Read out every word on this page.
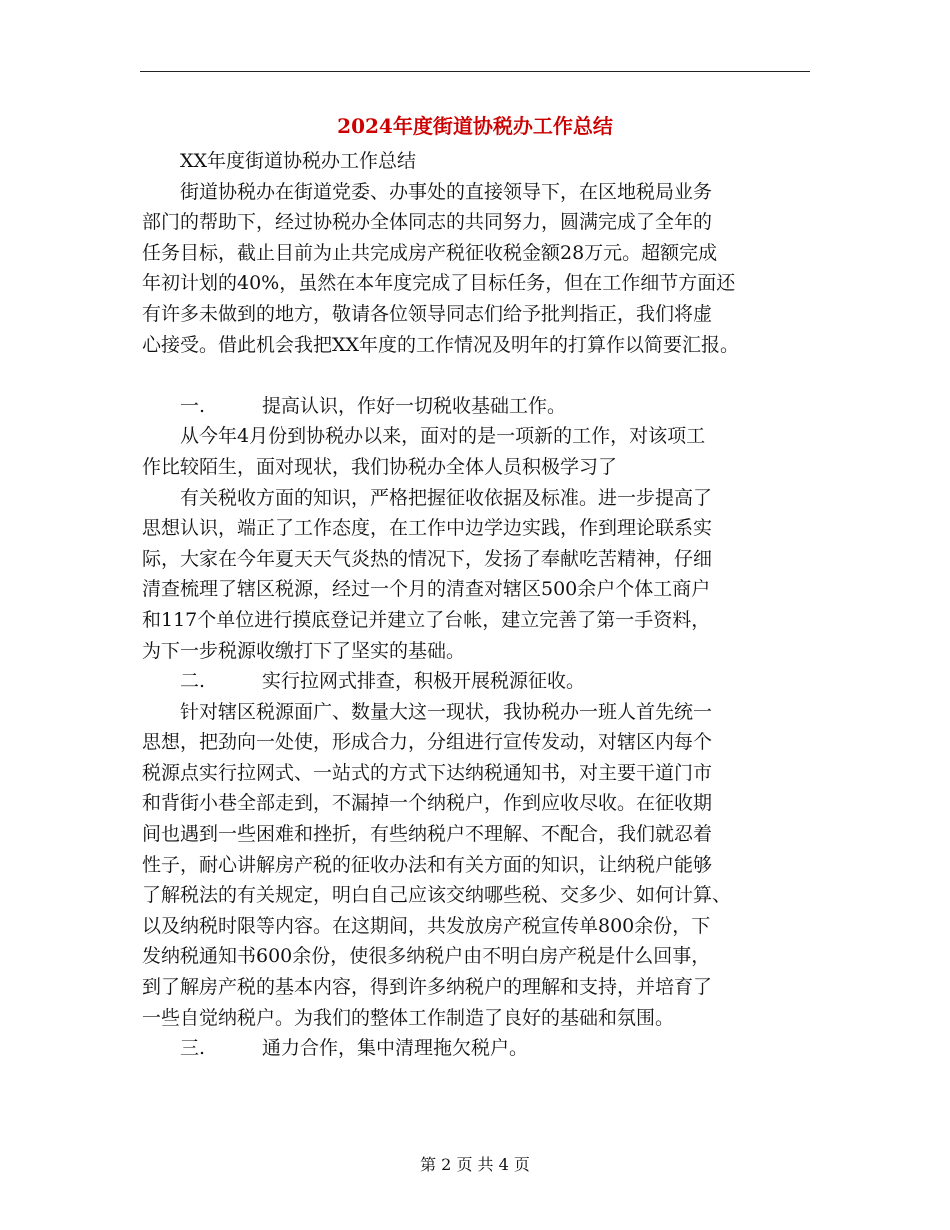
2024年度街道协税办工作总结
XX年度街道协税办工作总结
街道协税办在街道党委、办事处的直接领导下，在区地税局业务
部门的帮助下，经过协税办全体同志的共同努力，圆满完成了全年的
任务目标，截止目前为止共完成房产税征收税金额28万元。超额完成
年初计划的40%，虽然在本年度完成了目标任务，但在工作细节方面还
有许多未做到的地方，敬请各位领导同志们给予批判指正，我们将虚
心接受。借此机会我把XX年度的工作情况及明年的打算作以简要汇报。
一.	提高认识，作好一切税收基础工作。
从今年4月份到协税办以来，面对的是一项新的工作，对该项工
作比较陌生，面对现状，我们协税办全体人员积极学习了
有关税收方面的知识，严格把握征收依据及标准。进一步提高了
思想认识，端正了工作态度，在工作中边学边实践，作到理论联系实
际，大家在今年夏天天气炎热的情况下，发扬了奉献吃苦精神，仔细
清查梳理了辖区税源，经过一个月的清查对辖区500余户个体工商户
和117个单位进行摸底登记并建立了台帐，建立完善了第一手资料，
为下一步税源收缴打下了坚实的基础。
二.	实行拉网式排查，积极开展税源征收。
针对辖区税源面广、数量大这一现状，我协税办一班人首先统一
思想，把劲向一处使，形成合力，分组进行宣传发动，对辖区内每个
税源点实行拉网式、一站式的方式下达纳税通知书，对主要干道门市
和背街小巷全部走到，不漏掉一个纳税户，作到应收尽收。在征收期
间也遇到一些困难和挫折，有些纳税户不理解、不配合，我们就忍着
性子，耐心讲解房产税的征收办法和有关方面的知识，让纳税户能够
了解税法的有关规定，明白自己应该交纳哪些税、交多少、如何计算、
以及纳税时限等内容。在这期间，共发放房产税宣传单800余份，下
发纳税通知书600余份，使很多纳税户由不明白房产税是什么回事，
到了解房产税的基本内容，得到许多纳税户的理解和支持，并培育了
一些自觉纳税户。为我们的整体工作制造了良好的基础和氛围。
三.	通力合作，集中清理拖欠税户。
第 2 页 共 4 页
